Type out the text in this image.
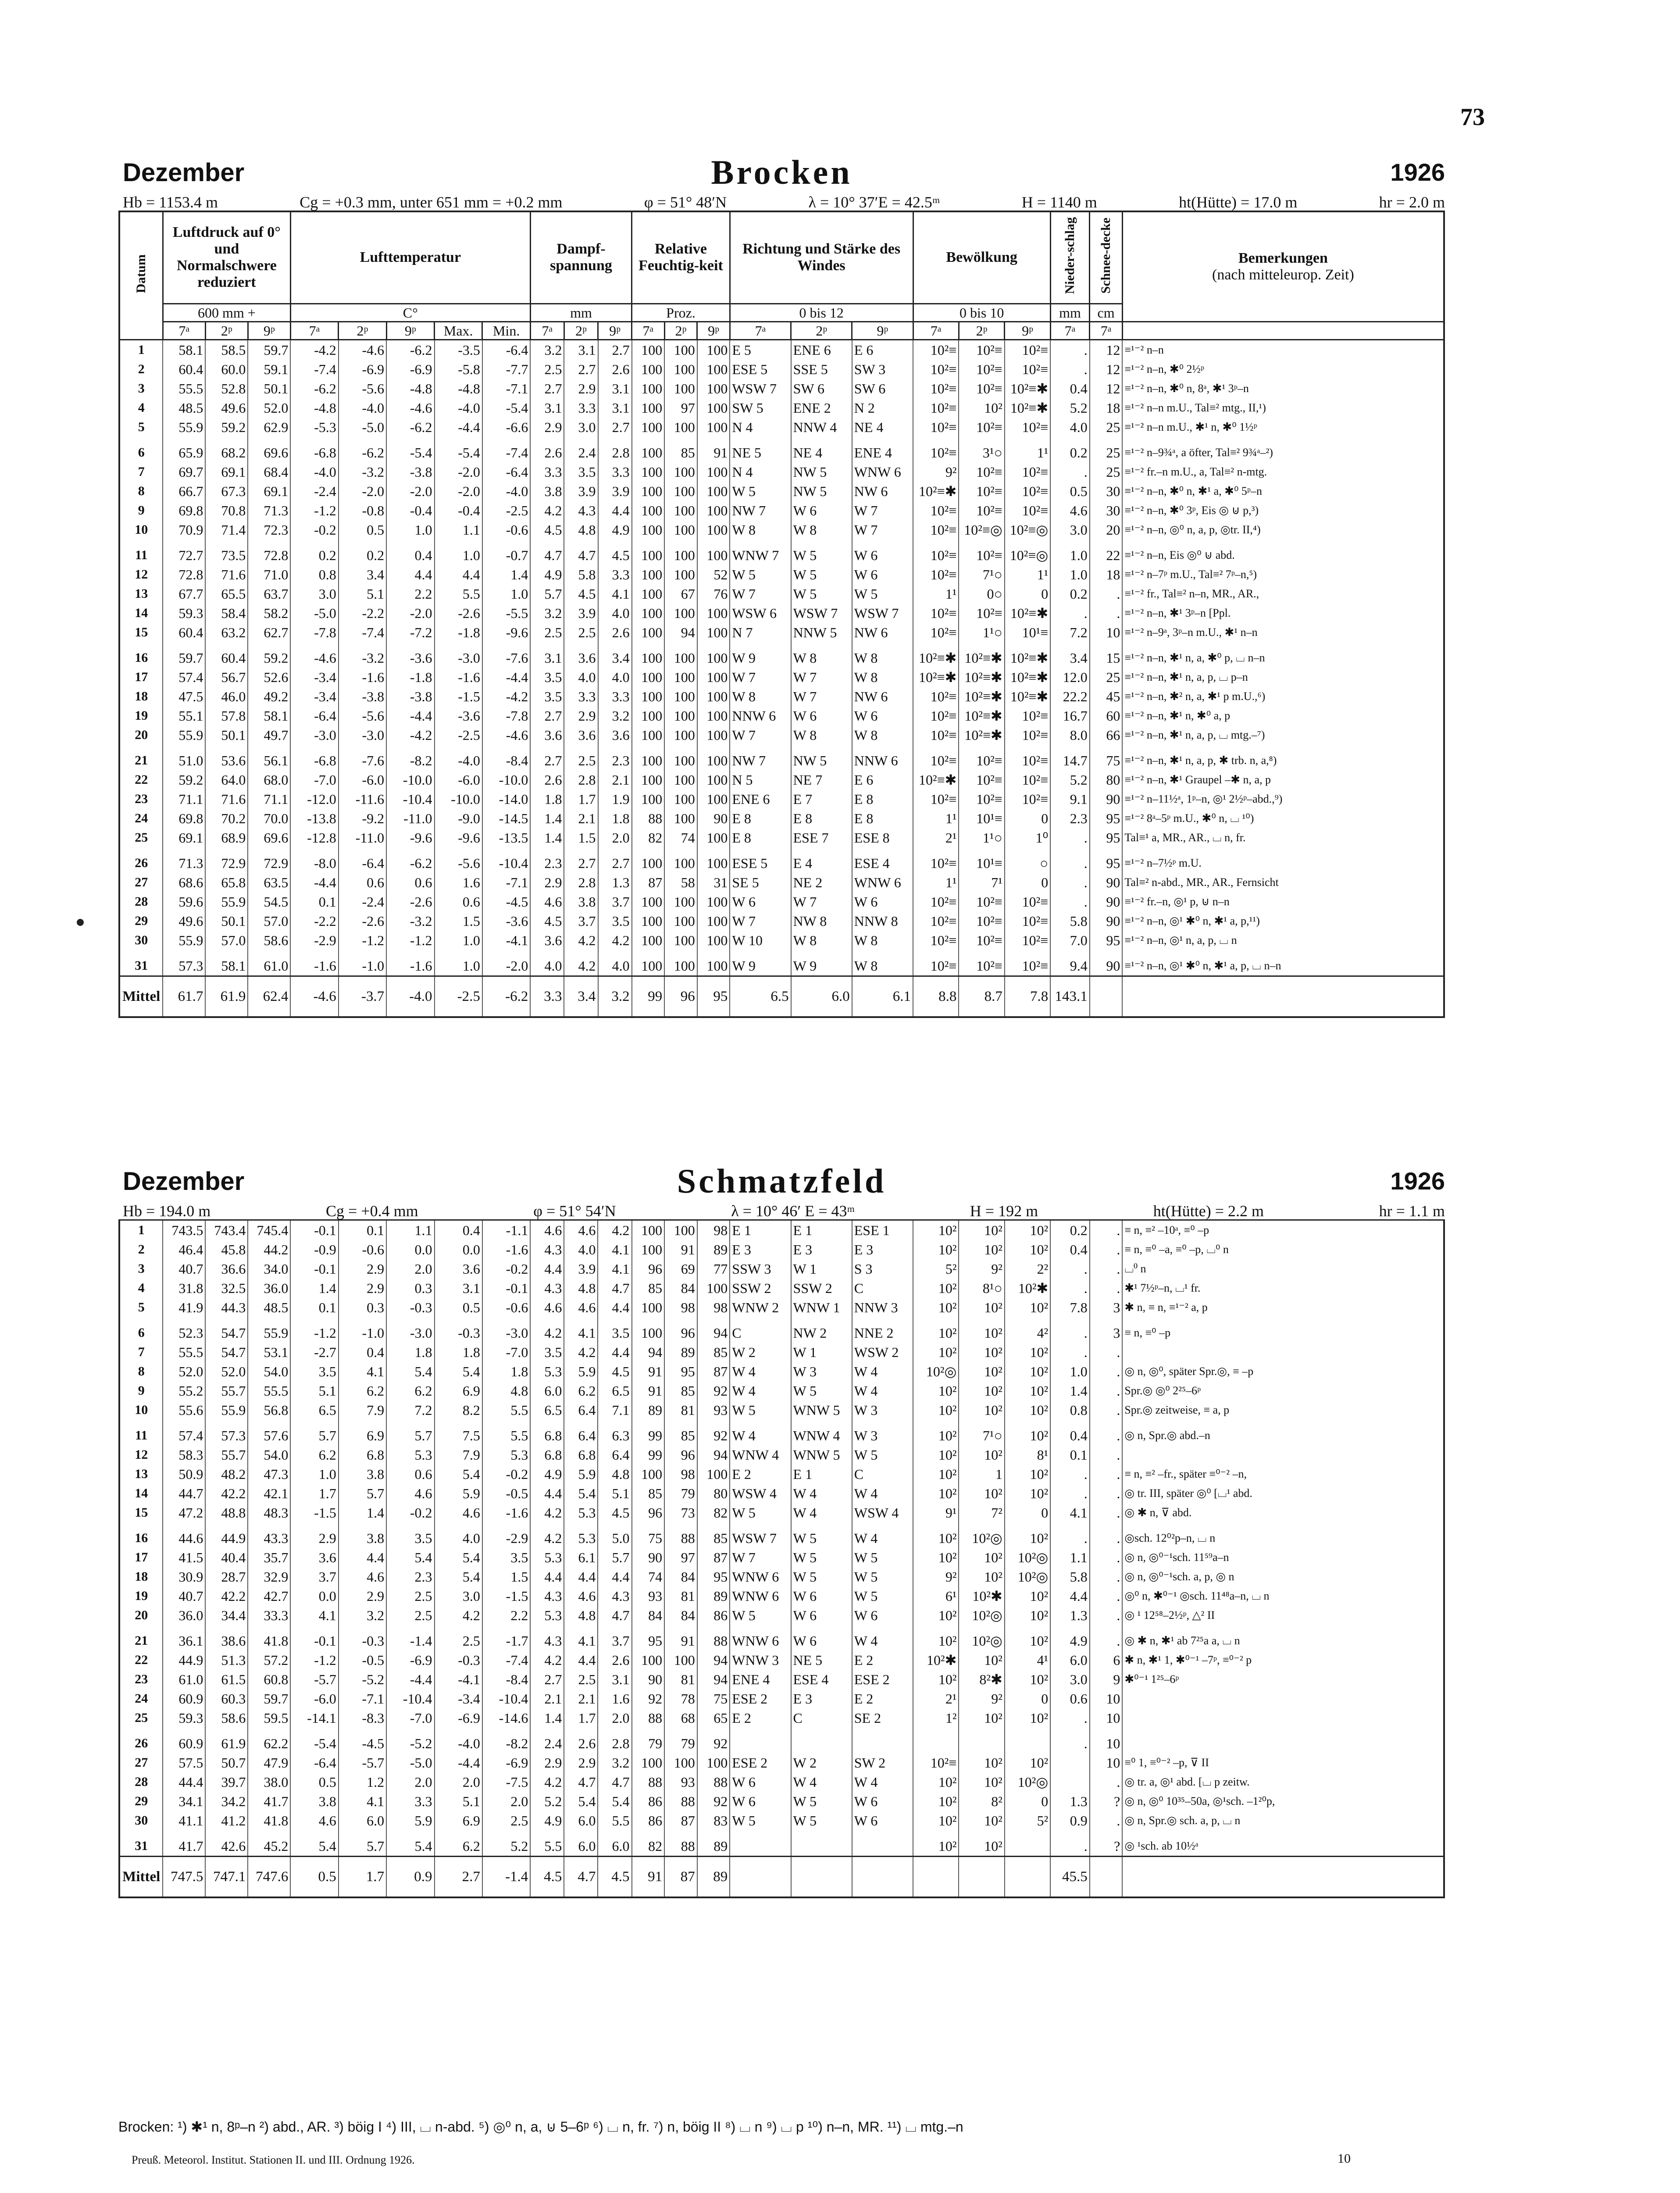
73
Dezember	Brocken	1926
Hb = 1153.4 m	Cg = +0.3 mm, unter 651 mm = +0.2 mm	φ = 51° 48′N	λ = 10° 37′E = 42.5ᵐ	H = 1140 m	ht(Hütte) = 17.0 m	hr = 2.0 m
Datum	Luftdruck auf 0° und Normalschwere reduziert			Lufttemperatur					Dampf-spannung			Relative Feuchtig-keit			Richtung und Stärke des Windes			Bewölkung			Nieder-schlag	Schnee-decke	Bemerkungen
(nach mitteleurop. Zeit)

	600 mm +			C°					mm			Proz.			0 bis 12			0 bis 10			mm	cm	
	7ᵃ	2ᵖ	9ᵖ	7ᵃ	2ᵖ	9ᵖ	Max.	Min.	7ᵃ	2ᵖ	9ᵖ	7ᵃ	2ᵖ	9ᵖ	7ᵃ	2ᵖ	9ᵖ	7ᵃ	2ᵖ	9ᵖ	7ᵃ	7ᵃ	
1	58.1	58.5	59.7	-4.2	-4.6	-6.2	-3.5	-6.4	3.2	3.1	2.7	100	100	100	E 5	ENE 6	E 6	10²≡	10²≡	10²≡	.	12	≡¹⁻² n–n
2	60.4	60.0	59.1	-7.4	-6.9	-6.9	-5.8	-7.7	2.5	2.7	2.6	100	100	100	ESE 5	SSE 5	SW 3	10²≡	10²≡	10²≡	.	12	≡¹⁻² n–n, ✱⁰ 2½ᵖ
3	55.5	52.8	50.1	-6.2	-5.6	-4.8	-4.8	-7.1	2.7	2.9	3.1	100	100	100	WSW 7	SW 6	SW 6	10²≡	10²≡	10²≡✱	0.4	12	≡¹⁻² n–n, ✱⁰ n, 8ᵃ, ✱¹ 3ᵖ–n
4	48.5	49.6	52.0	-4.8	-4.0	-4.6	-4.0	-5.4	3.1	3.3	3.1	100	97	100	SW 5	ENE 2	N 2	10²≡	10²	10²≡✱	5.2	18	≡¹⁻² n–n m.U., Tal≡² mtg., II,¹)
5	55.9	59.2	62.9	-5.3	-5.0	-6.2	-4.4	-6.6	2.9	3.0	2.7	100	100	100	N 4	NNW 4	NE 4	10²≡	10²≡	10²≡	4.0	25	≡¹⁻² n–n m.U., ✱¹ n, ✱⁰ 1½ᵖ

6	65.9	68.2	69.6	-6.8	-6.2	-5.4	-5.4	-7.4	2.6	2.4	2.8	100	85	91	NE 5	NE 4	ENE 4	10²≡	3¹○	1¹	0.2	25	≡¹⁻² n–9¾ᵃ, a öfter, Tal≡² 9¾ᵃ–²)
7	69.7	69.1	68.4	-4.0	-3.2	-3.8	-2.0	-6.4	3.3	3.5	3.3	100	100	100	N 4	NW 5	WNW 6	9²	10²≡	10²≡	.	25	≡¹⁻² fr.–n m.U., a, Tal≡² n-mtg.
8	66.7	67.3	69.1	-2.4	-2.0	-2.0	-2.0	-4.0	3.8	3.9	3.9	100	100	100	W 5	NW 5	NW 6	10²≡✱	10²≡	10²≡	0.5	30	≡¹⁻² n–n, ✱⁰ n, ✱¹ a, ✱⁰ 5ᵖ–n
9	69.8	70.8	71.3	-1.2	-0.8	-0.4	-0.4	-2.5	4.2	4.3	4.4	100	100	100	NW 7	W 6	W 7	10²≡	10²≡	10²≡	4.6	30	≡¹⁻² n–n, ✱⁰ 3ᵖ, Eis ◎ ⊍ p,³)
10	70.9	71.4	72.3	-0.2	0.5	1.0	1.1	-0.6	4.5	4.8	4.9	100	100	100	W 8	W 8	W 7	10²≡	10²≡◎	10²≡◎	3.0	20	≡¹⁻² n–n, ◎⁰ n, a, p, ◎tr. II,⁴)

11	72.7	73.5	72.8	0.2	0.2	0.4	1.0	-0.7	4.7	4.7	4.5	100	100	100	WNW 7	W 5	W 6	10²≡	10²≡	10²≡◎	1.0	22	≡¹⁻² n–n, Eis ◎⁰ ⊍ abd.
12	72.8	71.6	71.0	0.8	3.4	4.4	4.4	1.4	4.9	5.8	3.3	100	100	52	W 5	W 5	W 6	10²≡	7¹○	1¹	1.0	18	≡¹⁻² n–7ᵖ m.U., Tal≡² 7ᵖ–n,⁵)
13	67.7	65.5	63.7	3.0	5.1	2.2	5.5	1.0	5.7	4.5	4.1	100	67	76	W 7	W 5	W 5	1¹	0○	0	0.2	.	≡¹⁻² fr., Tal≡² n–n, MR., AR.,
14	59.3	58.4	58.2	-5.0	-2.2	-2.0	-2.6	-5.5	3.2	3.9	4.0	100	100	100	WSW 6	WSW 7	WSW 7	10²≡	10²≡	10²≡✱	.	.	≡¹⁻² n–n, ✱¹ 3ᵖ–n [Ppl.
15	60.4	63.2	62.7	-7.8	-7.4	-7.2	-1.8	-9.6	2.5	2.5	2.6	100	94	100	N 7	NNW 5	NW 6	10²≡	1¹○	10¹≡	7.2	10	≡¹⁻² n–9ᵃ, 3ᵖ–n m.U., ✱¹ n–n

16	59.7	60.4	59.2	-4.6	-3.2	-3.6	-3.0	-7.6	3.1	3.6	3.4	100	100	100	W 9	W 8	W 8	10²≡✱	10²≡✱	10²≡✱	3.4	15	≡¹⁻² n–n, ✱¹ n, a, ✱⁰ p, ⌴ n–n
17	57.4	56.7	52.6	-3.4	-1.6	-1.8	-1.6	-4.4	3.5	4.0	4.0	100	100	100	W 7	W 7	W 8	10²≡✱	10²≡✱	10²≡✱	12.0	25	≡¹⁻² n–n, ✱¹ n, a, p, ⌴ p–n
18	47.5	46.0	49.2	-3.4	-3.8	-3.8	-1.5	-4.2	3.5	3.3	3.3	100	100	100	W 8	W 7	NW 6	10²≡	10²≡✱	10²≡✱	22.2	45	≡¹⁻² n–n, ✱² n, a, ✱¹ p m.U.,⁶)
19	55.1	57.8	58.1	-6.4	-5.6	-4.4	-3.6	-7.8	2.7	2.9	3.2	100	100	100	NNW 6	W 6	W 6	10²≡	10²≡✱	10²≡	16.7	60	≡¹⁻² n–n, ✱¹ n, ✱⁰ a, p
20	55.9	50.1	49.7	-3.0	-3.0	-4.2	-2.5	-4.6	3.6	3.6	3.6	100	100	100	W 7	W 8	W 8	10²≡	10²≡✱	10²≡	8.0	66	≡¹⁻² n–n, ✱¹ n, a, p, ⌴ mtg.–⁷)

21	51.0	53.6	56.1	-6.8	-7.6	-8.2	-4.0	-8.4	2.7	2.5	2.3	100	100	100	NW 7	NW 5	NNW 6	10²≡	10²≡	10²≡	14.7	75	≡¹⁻² n–n, ✱¹ n, a, p, ✱ trb. n, a,⁸)
22	59.2	64.0	68.0	-7.0	-6.0	-10.0	-6.0	-10.0	2.6	2.8	2.1	100	100	100	N 5	NE 7	E 6	10²≡✱	10²≡	10²≡	5.2	80	≡¹⁻² n–n, ✱¹ Graupel –✱ n, a, p
23	71.1	71.6	71.1	-12.0	-11.6	-10.4	-10.0	-14.0	1.8	1.7	1.9	100	100	100	ENE 6	E 7	E 8	10²≡	10²≡	10²≡	9.1	90	≡¹⁻² n–11½ᵃ, 1ᵖ–n, ◎¹ 2½ᵖ–abd.,⁹)
24	69.8	70.2	70.0	-13.8	-9.2	-11.0	-9.0	-14.5	1.4	2.1	1.8	88	100	90	E 8	E 8	E 8	1¹	10¹≡	0	2.3	95	≡¹⁻² 8ᵃ–5ᵖ m.U., ✱⁰ n, ⌴ ¹⁰)
25	69.1	68.9	69.6	-12.8	-11.0	-9.6	-9.6	-13.5	1.4	1.5	2.0	82	74	100	E 8	ESE 7	ESE 8	2¹	1¹○	1⁰	.	95	Tal≡¹ a, MR., AR., ⌴ n, fr.

26	71.3	72.9	72.9	-8.0	-6.4	-6.2	-5.6	-10.4	2.3	2.7	2.7	100	100	100	ESE 5	E 4	ESE 4	10²≡	10¹≡	○	.	95	≡¹⁻² n–7½ᵖ m.U.
27	68.6	65.8	63.5	-4.4	0.6	0.6	1.6	-7.1	2.9	2.8	1.3	87	58	31	SE 5	NE 2	WNW 6	1¹	7¹	0	.	90	Tal≡² n-abd., MR., AR., Fernsicht
28	59.6	55.9	54.5	0.1	-2.4	-2.6	0.6	-4.5	4.6	3.8	3.7	100	100	100	W 6	W 7	W 6	10²≡	10²≡	10²≡	.	90	≡¹⁻² fr.–n, ◎¹ p, ⊍ n–n
29	49.6	50.1	57.0	-2.2	-2.6	-3.2	1.5	-3.6	4.5	3.7	3.5	100	100	100	W 7	NW 8	NNW 8	10²≡	10²≡	10²≡	5.8	90	≡¹⁻² n–n, ◎¹ ✱⁰ n, ✱¹ a, p,¹¹)
30	55.9	57.0	58.6	-2.9	-1.2	-1.2	1.0	-4.1	3.6	4.2	4.2	100	100	100	W 10	W 8	W 8	10²≡	10²≡	10²≡	7.0	95	≡¹⁻² n–n, ◎¹ n, a, p, ⌴ n

31	57.3	58.1	61.0	-1.6	-1.0	-1.6	1.0	-2.0	4.0	4.2	4.0	100	100	100	W 9	W 9	W 8	10²≡	10²≡	10²≡	9.4	90	≡¹⁻² n–n, ◎¹ ✱⁰ n, ✱¹ a, p, ⌴ n–n
Mittel	61.7	61.9	62.4	-4.6	-3.7	-4.0	-2.5	-6.2	3.3	3.4	3.2	99	96	95	6.5	6.0	6.1	8.8	8.7	7.8	143.1		
Dezember	Schmatzfeld	1926
Hb = 194.0 m	Cg = +0.4 mm	φ = 51° 54′N	λ = 10° 46′ E = 43ᵐ	H = 192 m	ht(Hütte) = 2.2 m	hr = 1.1 m
1	743.5	743.4	745.4	-0.1	0.1	1.1	0.4	-1.1	4.6	4.6	4.2	100	100	98	E 1	E 1	ESE 1	10²	10²	10²	0.2	.	≡ n, ≡² –10ᵃ, ≡⁰ –p
2	46.4	45.8	44.2	-0.9	-0.6	0.0	0.0	-1.6	4.3	4.0	4.1	100	91	89	E 3	E 3	E 3	10²	10²	10²	0.4	.	≡ n, ≡⁰ –a, ≡⁰ –p, ⌴⁰ n
3	40.7	36.6	34.0	-0.1	2.9	2.0	3.6	-0.2	4.4	3.9	4.1	96	69	77	SSW 3	W 1	S 3	5²	9²	2²	.	.	⌴⁰ n
4	31.8	32.5	36.0	1.4	2.9	0.3	3.1	-0.1	4.3	4.8	4.7	85	84	100	SSW 2	SSW 2	C	10²	8¹○	10²✱	.	.	✱¹ 7½ᵖ–n, ⌴¹ fr.
5	41.9	44.3	48.5	0.1	0.3	-0.3	0.5	-0.6	4.6	4.6	4.4	100	98	98	WNW 2	WNW 1	NNW 3	10²	10²	10²	7.8	3	✱ n, ≡ n, ≡¹⁻² a, p

6	52.3	54.7	55.9	-1.2	-1.0	-3.0	-0.3	-3.0	4.2	4.1	3.5	100	96	94	C	NW 2	NNE 2	10²	10²	4²	.	3	≡ n, ≡⁰ –p
7	55.5	54.7	53.1	-2.7	0.4	1.8	1.8	-7.0	3.5	4.2	4.4	94	89	85	W 2	W 1	WSW 2	10²	10²	10²	.	.	
8	52.0	52.0	54.0	3.5	4.1	5.4	5.4	1.8	5.3	5.9	4.5	91	95	87	W 4	W 3	W 4	10²◎	10²	10²	1.0	.	◎ n, ◎⁰, später Spr.◎, ≡ –p
9	55.2	55.7	55.5	5.1	6.2	6.2	6.9	4.8	6.0	6.2	6.5	91	85	92	W 4	W 5	W 4	10²	10²	10²	1.4	.	Spr.◎ ◎⁰ 2²⁵–6ᵖ
10	55.6	55.9	56.8	6.5	7.9	7.2	8.2	5.5	6.5	6.4	7.1	89	81	93	W 5	WNW 5	W 3	10²	10²	10²	0.8	.	Spr.◎ zeitweise, ≡ a, p

11	57.4	57.3	57.6	5.7	6.9	5.7	7.5	5.5	6.8	6.4	6.3	99	85	92	W 4	WNW 4	W 3	10²	7¹○	10²	0.4	.	◎ n, Spr.◎ abd.–n
12	58.3	55.7	54.0	6.2	6.8	5.3	7.9	5.3	6.8	6.8	6.4	99	96	94	WNW 4	WNW 5	W 5	10²	10²	8¹	0.1	.	
13	50.9	48.2	47.3	1.0	3.8	0.6	5.4	-0.2	4.9	5.9	4.8	100	98	100	E 2	E 1	C	10²	1	10²	.	.	≡ n, ≡² –fr., später ≡⁰⁻² –n,
14	44.7	42.2	42.1	1.7	5.7	4.6	5.9	-0.5	4.4	5.4	5.1	85	79	80	WSW 4	W 4	W 4	10²	10²	10²	.	.	◎ tr. III, später ◎⁰ [⌴¹ abd.
15	47.2	48.8	48.3	-1.5	1.4	-0.2	4.6	-1.6	4.2	5.3	4.5	96	73	82	W 5	W 4	WSW 4	9¹	7²	0	4.1	.	◎ ✱ n, ⊽ abd.

16	44.6	44.9	43.3	2.9	3.8	3.5	4.0	-2.9	4.2	5.3	5.0	75	88	85	WSW 7	W 5	W 4	10²	10²◎	10²	.	.	◎sch. 12⁰²p–n, ⌴ n
17	41.5	40.4	35.7	3.6	4.4	5.4	5.4	3.5	5.3	6.1	5.7	90	97	87	W 7	W 5	W 5	10²	10²	10²◎	1.1	.	◎ n, ◎⁰⁻¹sch. 11⁵⁹a–n
18	30.9	28.7	32.9	3.7	4.6	2.3	5.4	1.5	4.4	4.4	4.4	74	84	95	WNW 6	W 5	W 5	9²	10²	10²◎	5.8	.	◎ n, ◎⁰⁻¹sch. a, p, ◎ n
19	40.7	42.2	42.7	0.0	2.9	2.5	3.0	-1.5	4.3	4.6	4.3	93	81	89	WNW 6	W 6	W 5	6¹	10²✱	10²	4.4	.	◎⁰ n, ✱⁰⁻¹ ◎sch. 11⁴⁸a–n, ⌴ n
20	36.0	34.4	33.3	4.1	3.2	2.5	4.2	2.2	5.3	4.8	4.7	84	84	86	W 5	W 6	W 6	10²	10²◎	10²	1.3	.	◎ ¹ 12⁵⁸–2½ᵖ, △² II

21	36.1	38.6	41.8	-0.1	-0.3	-1.4	2.5	-1.7	4.3	4.1	3.7	95	91	88	WNW 6	W 6	W 4	10²	10²◎	10²	4.9	.	◎ ✱ n, ✱¹ ab 7²⁵a a, ⌴ n
22	44.9	51.3	57.2	-1.2	-0.5	-6.9	-0.3	-7.4	4.2	4.4	2.6	100	100	94	WNW 3	NE 5	E 2	10²✱	10²	4¹	6.0	6	✱ n, ✱¹ 1, ✱⁰⁻¹ –7ᵖ, ≡⁰⁻² p
23	61.0	61.5	60.8	-5.7	-5.2	-4.4	-4.1	-8.4	2.7	2.5	3.1	90	81	94	ENE 4	ESE 4	ESE 2	10²	8²✱	10²	3.0	9	✱⁰⁻¹ 1²⁵–6ᵖ
24	60.9	60.3	59.7	-6.0	-7.1	-10.4	-3.4	-10.4	2.1	2.1	1.6	92	78	75	ESE 2	E 3	E 2	2¹	9²	0	0.6	10	
25	59.3	58.6	59.5	-14.1	-8.3	-7.0	-6.9	-14.6	1.4	1.7	2.0	88	68	65	E 2	C	SE 2	1²	10²	10²	.	10	

26	60.9	61.9	62.2	-5.4	-4.5	-5.2	-4.0	-8.2	2.4	2.6	2.8	79	79	92							.	10	
27	57.5	50.7	47.9	-6.4	-5.7	-5.0	-4.4	-6.9	2.9	2.9	3.2	100	100	100	ESE 2	W 2	SW 2	10²≡	10²	10²		10	≡⁰ 1, ≡⁰⁻² –p, ⊽ II
28	44.4	39.7	38.0	0.5	1.2	2.0	2.0	-7.5	4.2	4.7	4.7	88	93	88	W 6	W 4	W 4	10²	10²	10²◎		.	◎ tr. a, ◎¹ abd. [⌴ p zeitw.
29	34.1	34.2	41.7	3.8	4.1	3.3	5.1	2.0	5.2	5.4	5.4	86	88	92	W 6	W 5	W 6	10²	8²	0	1.3	?	◎ n, ◎⁰ 10³⁵–50a, ◎¹sch. –1²⁰p,
30	41.1	41.2	41.8	4.6	6.0	5.9	6.9	2.5	4.9	6.0	5.5	86	87	83	W 5	W 5	W 6	10²	10²	5²	0.9	.	◎ n, Spr.◎ sch. a, p, ⌴ n

31	41.7	42.6	45.2	5.4	5.7	5.4	6.2	5.2	5.5	6.0	6.0	82	88	89				10²	10²		.	?	◎ ¹sch. ab 10½ᵃ
Mittel	747.5	747.1	747.6	0.5	1.7	0.9	2.7	-1.4	4.5	4.7	4.5	91	87	89							45.5		
Brocken: ¹) ✱¹ n, 8ᵖ–n ²) abd., AR. ³) böig I ⁴) III, ⌴ n-abd. ⁵) ◎⁰ n, a, ⊍ 5–6ᵖ ⁶) ⌴ n, fr. ⁷) n, böig II ⁸) ⌴ n ⁹) ⌴ p ¹⁰) n–n, MR. ¹¹) ⌴ mtg.–n
Preuß. Meteorol. Institut. Stationen II. und III. Ordnung 1926.	10
